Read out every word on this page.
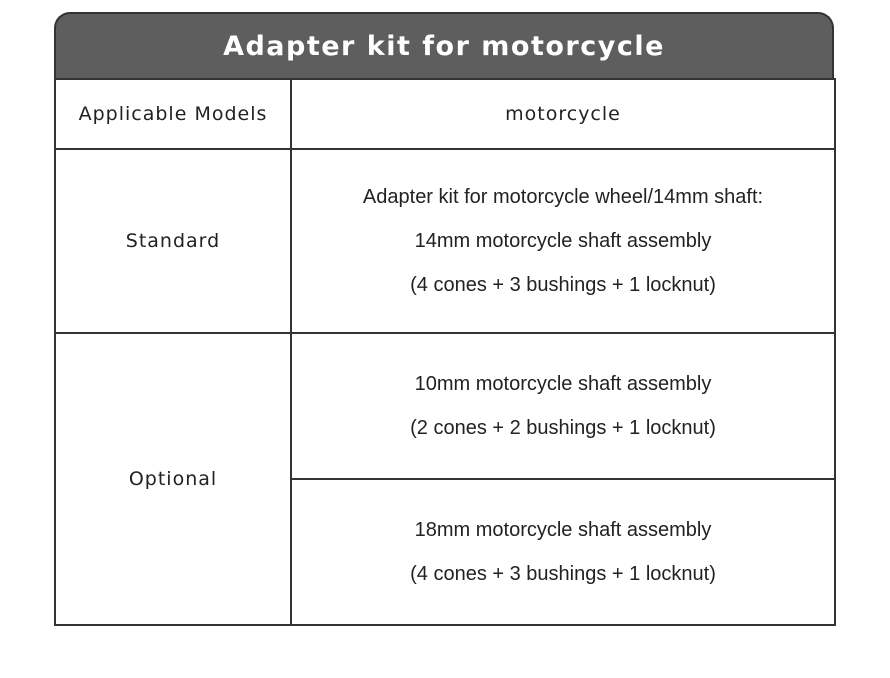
Adapter kit for motorcycle
Applicable Models	motorcycle
Standard	Adapter kit for motorcycle wheel/14mm shaft:
14mm motorcycle shaft assembly
(4 cones + 3 bushings + 1 locknut)

Optional	10mm motorcycle shaft assembly
(2 cones + 2 bushings + 1 locknut)

	18mm motorcycle shaft assembly
(4 cones + 3 bushings + 1 locknut)
